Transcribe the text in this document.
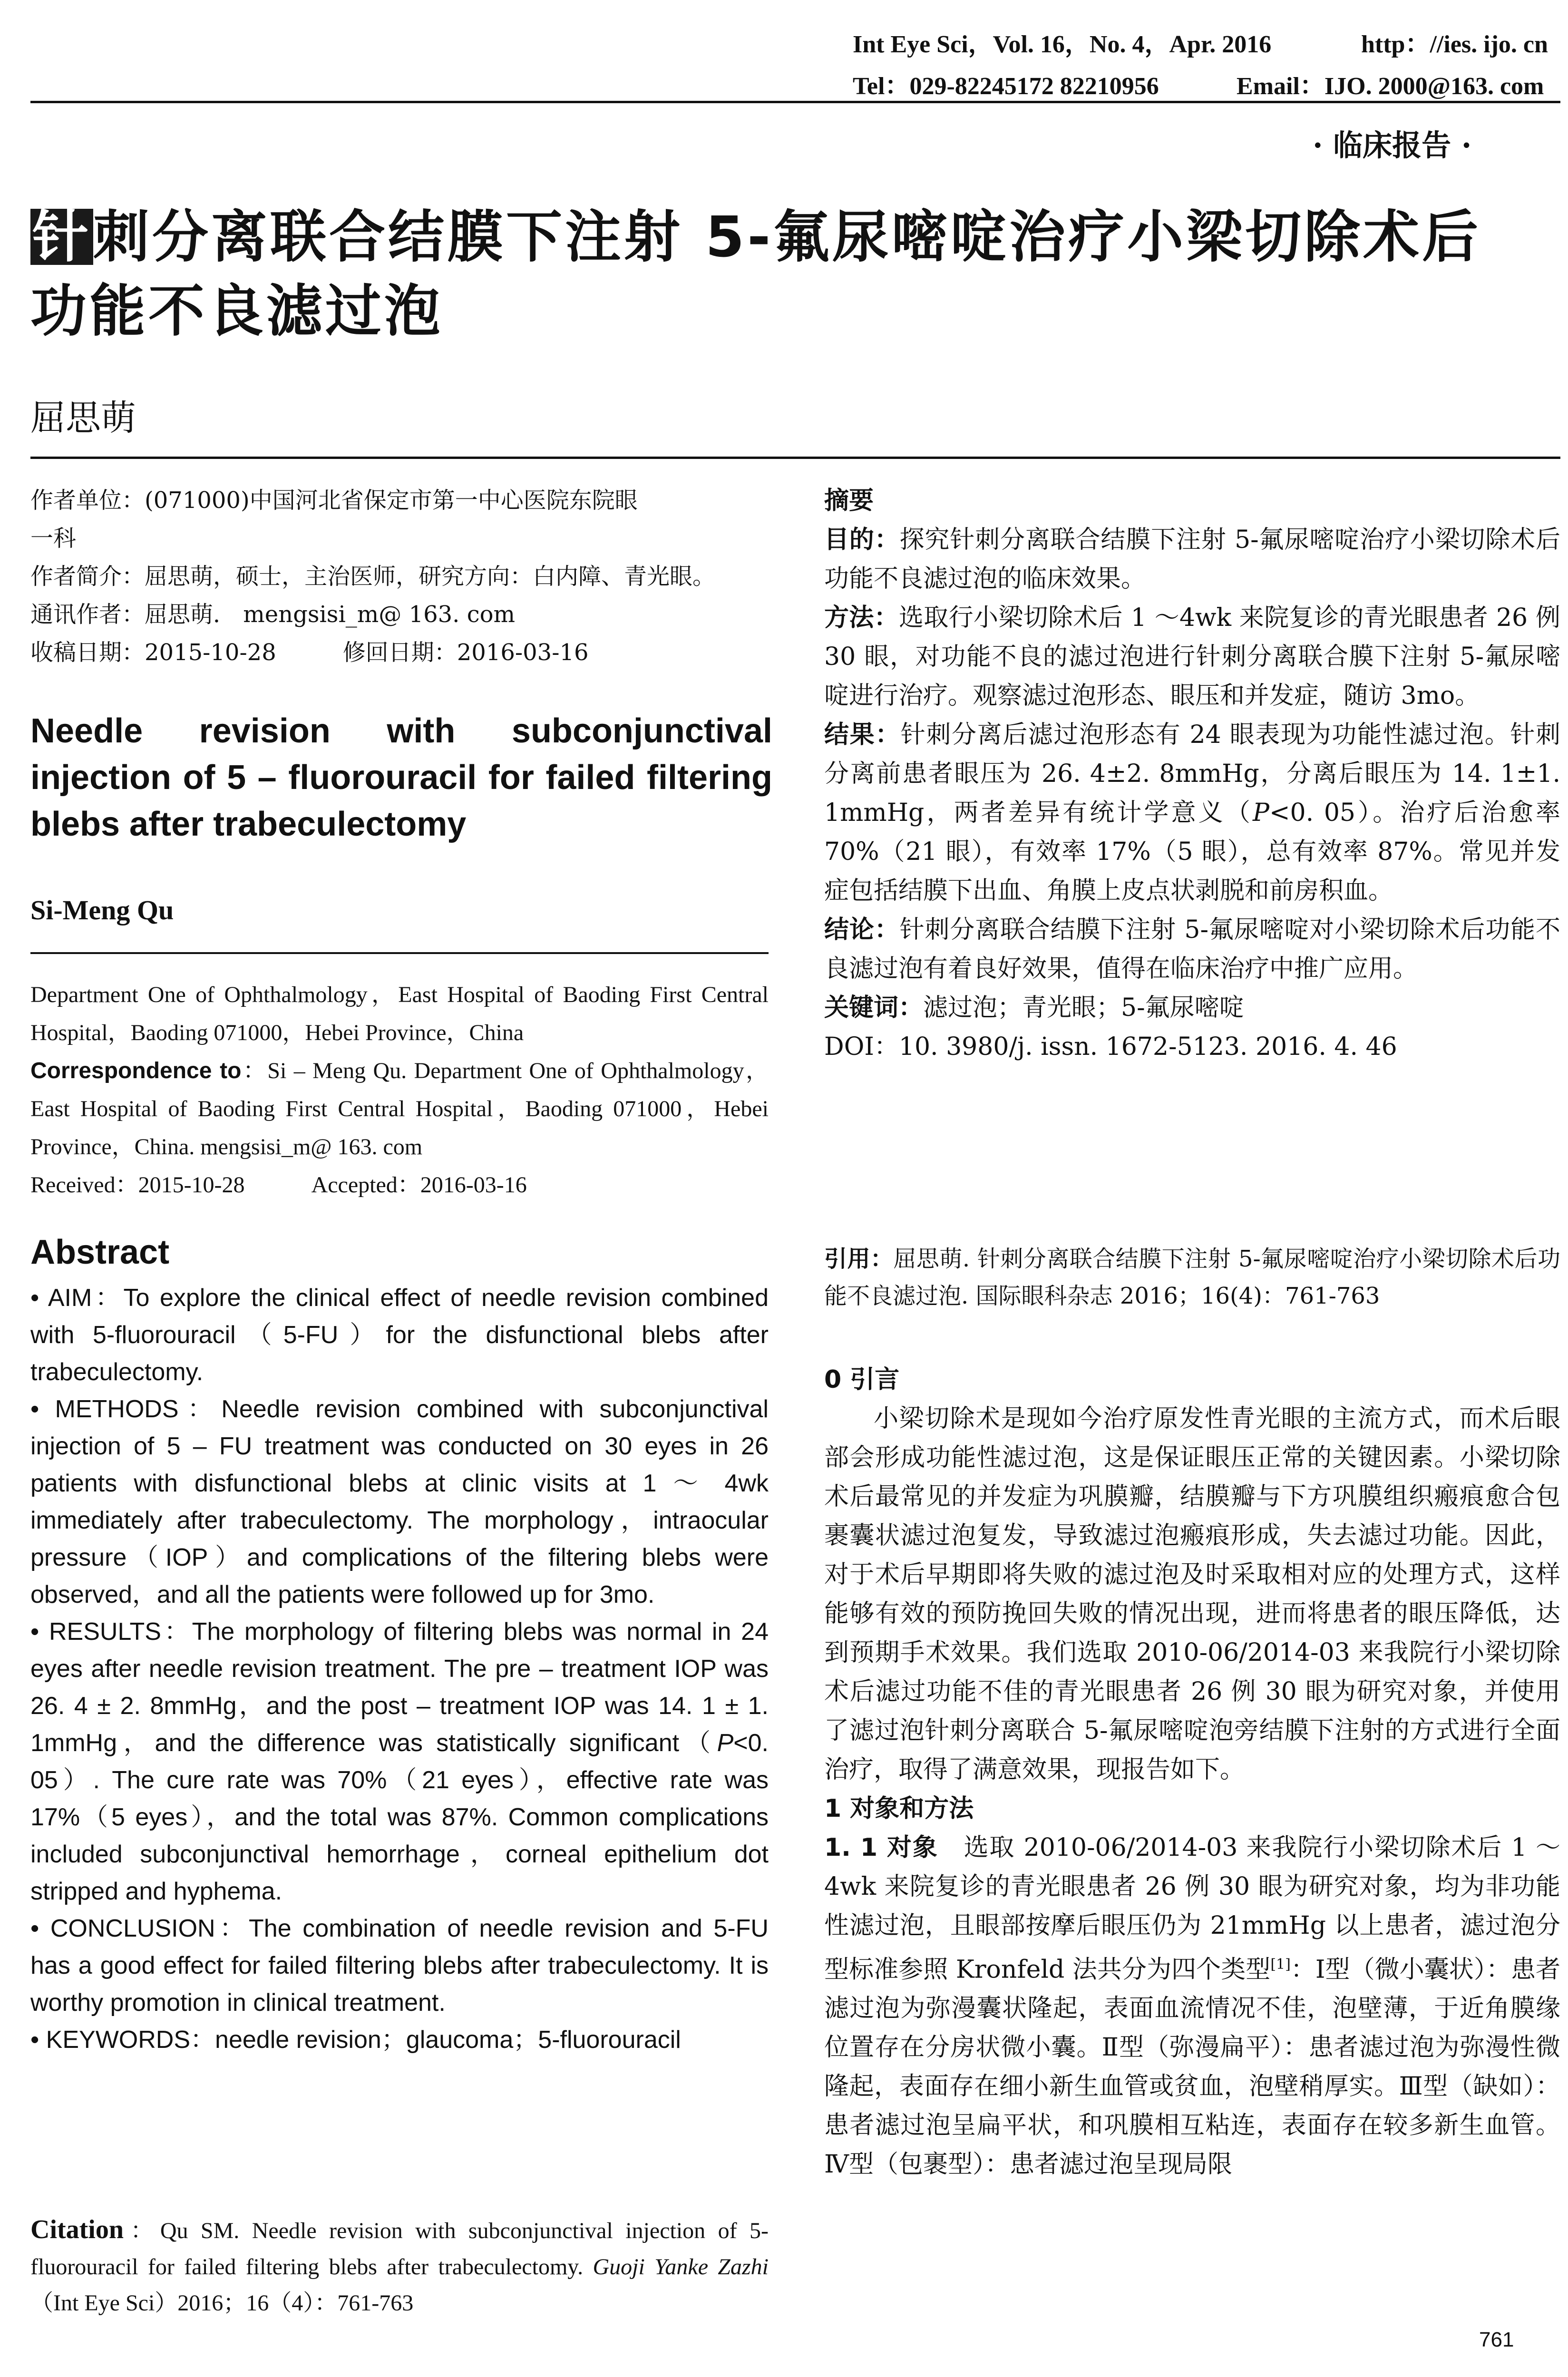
Int Eye Sci，Vol. 16，No. 4，Apr. 2016	http：//ies. ijo. cn
Tel：029-82245172 82210956	Email：IJO. 2000@163. com
· 临床报告 ·
针刺分离联合结膜下注射 5-氟尿嘧啶治疗小梁切除术后
功能不良滤过泡
屈思萌
作者单位：(071000)中国河北省保定市第一中心医院东院眼
一科
作者简介：屈思萌，硕士，主治医师，研究方向：白内障、青光眼。
通讯作者：屈思萌． mengsisi_m@ 163. com
收稿日期：2015-10-28	修回日期：2016-03-16
Needle revision with subconjunctival injection of 5 – fluorouracil for failed filtering blebs after trabeculectomy
Si-Meng Qu
Department One of Ophthalmology，East Hospital of Baoding First Central Hospital，Baoding 071000，Hebei Province，China
Correspondence to：Si – Meng Qu. Department One of Ophthalmology，East Hospital of Baoding First Central Hospital，Baoding 071000，Hebei Province，China. mengsisi_m@ 163. com
Received：2015-10-28	Accepted：2016-03-16
Abstract
• AIM：To explore the clinical effect of needle revision combined with 5-fluorouracil（5-FU）for the disfunctional blebs after trabeculectomy.
• METHODS：Needle revision combined with subconjunctival injection of 5 – FU treatment was conducted on 30 eyes in 26 patients with disfunctional blebs at clinic visits at 1 ～ 4wk immediately after trabeculectomy. The morphology，intraocular pressure（IOP）and complications of the filtering blebs were observed，and all the patients were followed up for 3mo.
• RESULTS：The morphology of filtering blebs was normal in 24 eyes after needle revision treatment. The pre – treatment IOP was 26. 4 ± 2. 8mmHg，and the post – treatment IOP was 14. 1 ± 1. 1mmHg，and the difference was statistically significant（P<0. 05）. The cure rate was 70%（21 eyes），effective rate was 17%（5 eyes），and the total was 87%. Common complications included subconjunctival hemorrhage，corneal epithelium dot stripped and hyphema.
• CONCLUSION：The combination of needle revision and 5-FU has a good effect for failed filtering blebs after trabeculectomy. It is worthy promotion in clinical treatment.
• KEYWORDS：needle revision；glaucoma；5-fluorouracil
Citation：Qu SM. Needle revision with subconjunctival injection of 5-fluorouracil for failed filtering blebs after trabeculectomy. Guoji Yanke Zazhi（Int Eye Sci）2016；16（4）：761-763
摘要
目的：探究针刺分离联合结膜下注射 5-氟尿嘧啶治疗小梁切除术后功能不良滤过泡的临床效果。
方法：选取行小梁切除术后 1 ～4wk 来院复诊的青光眼患者 26 例 30 眼，对功能不良的滤过泡进行针刺分离联合膜下注射 5-氟尿嘧啶进行治疗。观察滤过泡形态、眼压和并发症，随访 3mo。
结果：针刺分离后滤过泡形态有 24 眼表现为功能性滤过泡。针刺分离前患者眼压为 26. 4±2. 8mmHg，分离后眼压为 14. 1±1. 1mmHg，两者差异有统计学意义（P<0. 05）。治疗后治愈率 70%（21 眼），有效率 17%（5 眼），总有效率 87%。常见并发症包括结膜下出血、角膜上皮点状剥脱和前房积血。
结论：针刺分离联合结膜下注射 5-氟尿嘧啶对小梁切除术后功能不良滤过泡有着良好效果，值得在临床治疗中推广应用。
关键词：滤过泡；青光眼；5-氟尿嘧啶
DOI：10. 3980/j. issn. 1672-5123. 2016. 4. 46
引用：屈思萌. 针刺分离联合结膜下注射 5-氟尿嘧啶治疗小梁切除术后功能不良滤过泡. 国际眼科杂志 2016；16(4)：761-763
0 引言
小梁切除术是现如今治疗原发性青光眼的主流方式，而术后眼部会形成功能性滤过泡，这是保证眼压正常的关键因素。小梁切除术后最常见的并发症为巩膜瓣，结膜瓣与下方巩膜组织瘢痕愈合包裹囊状滤过泡复发，导致滤过泡瘢痕形成，失去滤过功能。因此，对于术后早期即将失败的滤过泡及时采取相对应的处理方式，这样能够有效的预防挽回失败的情况出现，进而将患者的眼压降低，达到预期手术效果。我们选取 2010-06/2014-03 来我院行小梁切除术后滤过功能不佳的青光眼患者 26 例 30 眼为研究对象，并使用了滤过泡针刺分离联合 5-氟尿嘧啶泡旁结膜下注射的方式进行全面治疗，取得了满意效果，现报告如下。
1 对象和方法
1. 1 对象　选取 2010-06/2014-03 来我院行小梁切除术后 1 ～4wk 来院复诊的青光眼患者 26 例 30 眼为研究对象，均为非功能性滤过泡，且眼部按摩后眼压仍为 21mmHg 以上患者，滤过泡分型标准参照 Kronfeld 法共分为四个类型[1]：Ⅰ型（微小囊状）：患者滤过泡为弥漫囊状隆起，表面血流情况不佳，泡壁薄，于近角膜缘位置存在分房状微小囊。Ⅱ型（弥漫扁平）：患者滤过泡为弥漫性微隆起，表面存在细小新生血管或贫血，泡壁稍厚实。Ⅲ型（缺如）：患者滤过泡呈扁平状，和巩膜相互粘连，表面存在较多新生血管。Ⅳ型（包裹型）：患者滤过泡呈现局限
761
